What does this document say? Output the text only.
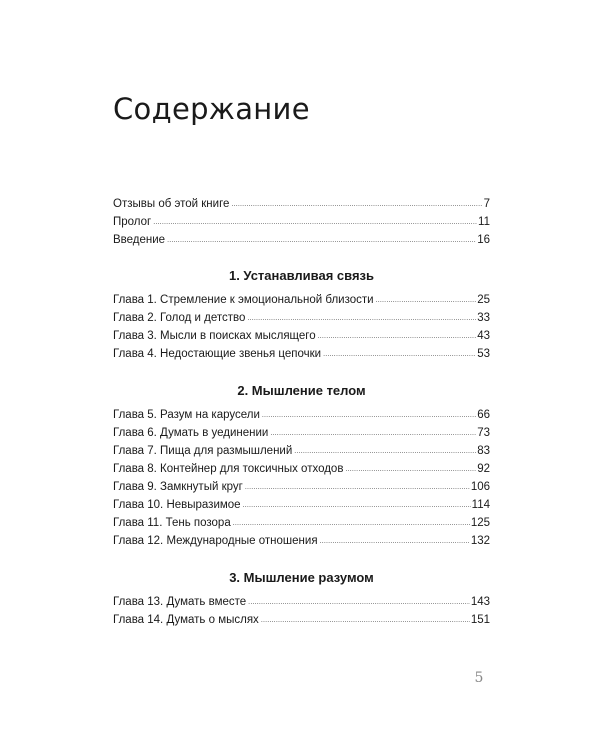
Содержание
Отзывы об этой книге .....	7
Пролог .....	11
Введение .....	16
1. Устанавливая связь
Глава 1. Стремление к эмоциональной близости .....	25
Глава 2. Голод и детство .....	33
Глава 3. Мысли в поисках мыслящего .....	43
Глава 4. Недостающие звенья цепочки .....	53
2. Мышление телом
Глава 5. Разум на карусели .....	66
Глава 6. Думать в уединении .....	73
Глава 7. Пища для размышлений .....	83
Глава 8. Контейнер для токсичных отходов .....	92
Глава 9. Замкнутый круг .....	106
Глава 10. Невыразимое .....	114
Глава 11. Тень позора .....	125
Глава 12. Международные отношения .....	132
3. Мышление разумом
Глава 13. Думать вместе .....	143
Глава 14. Думать о мыслях .....	151
5
